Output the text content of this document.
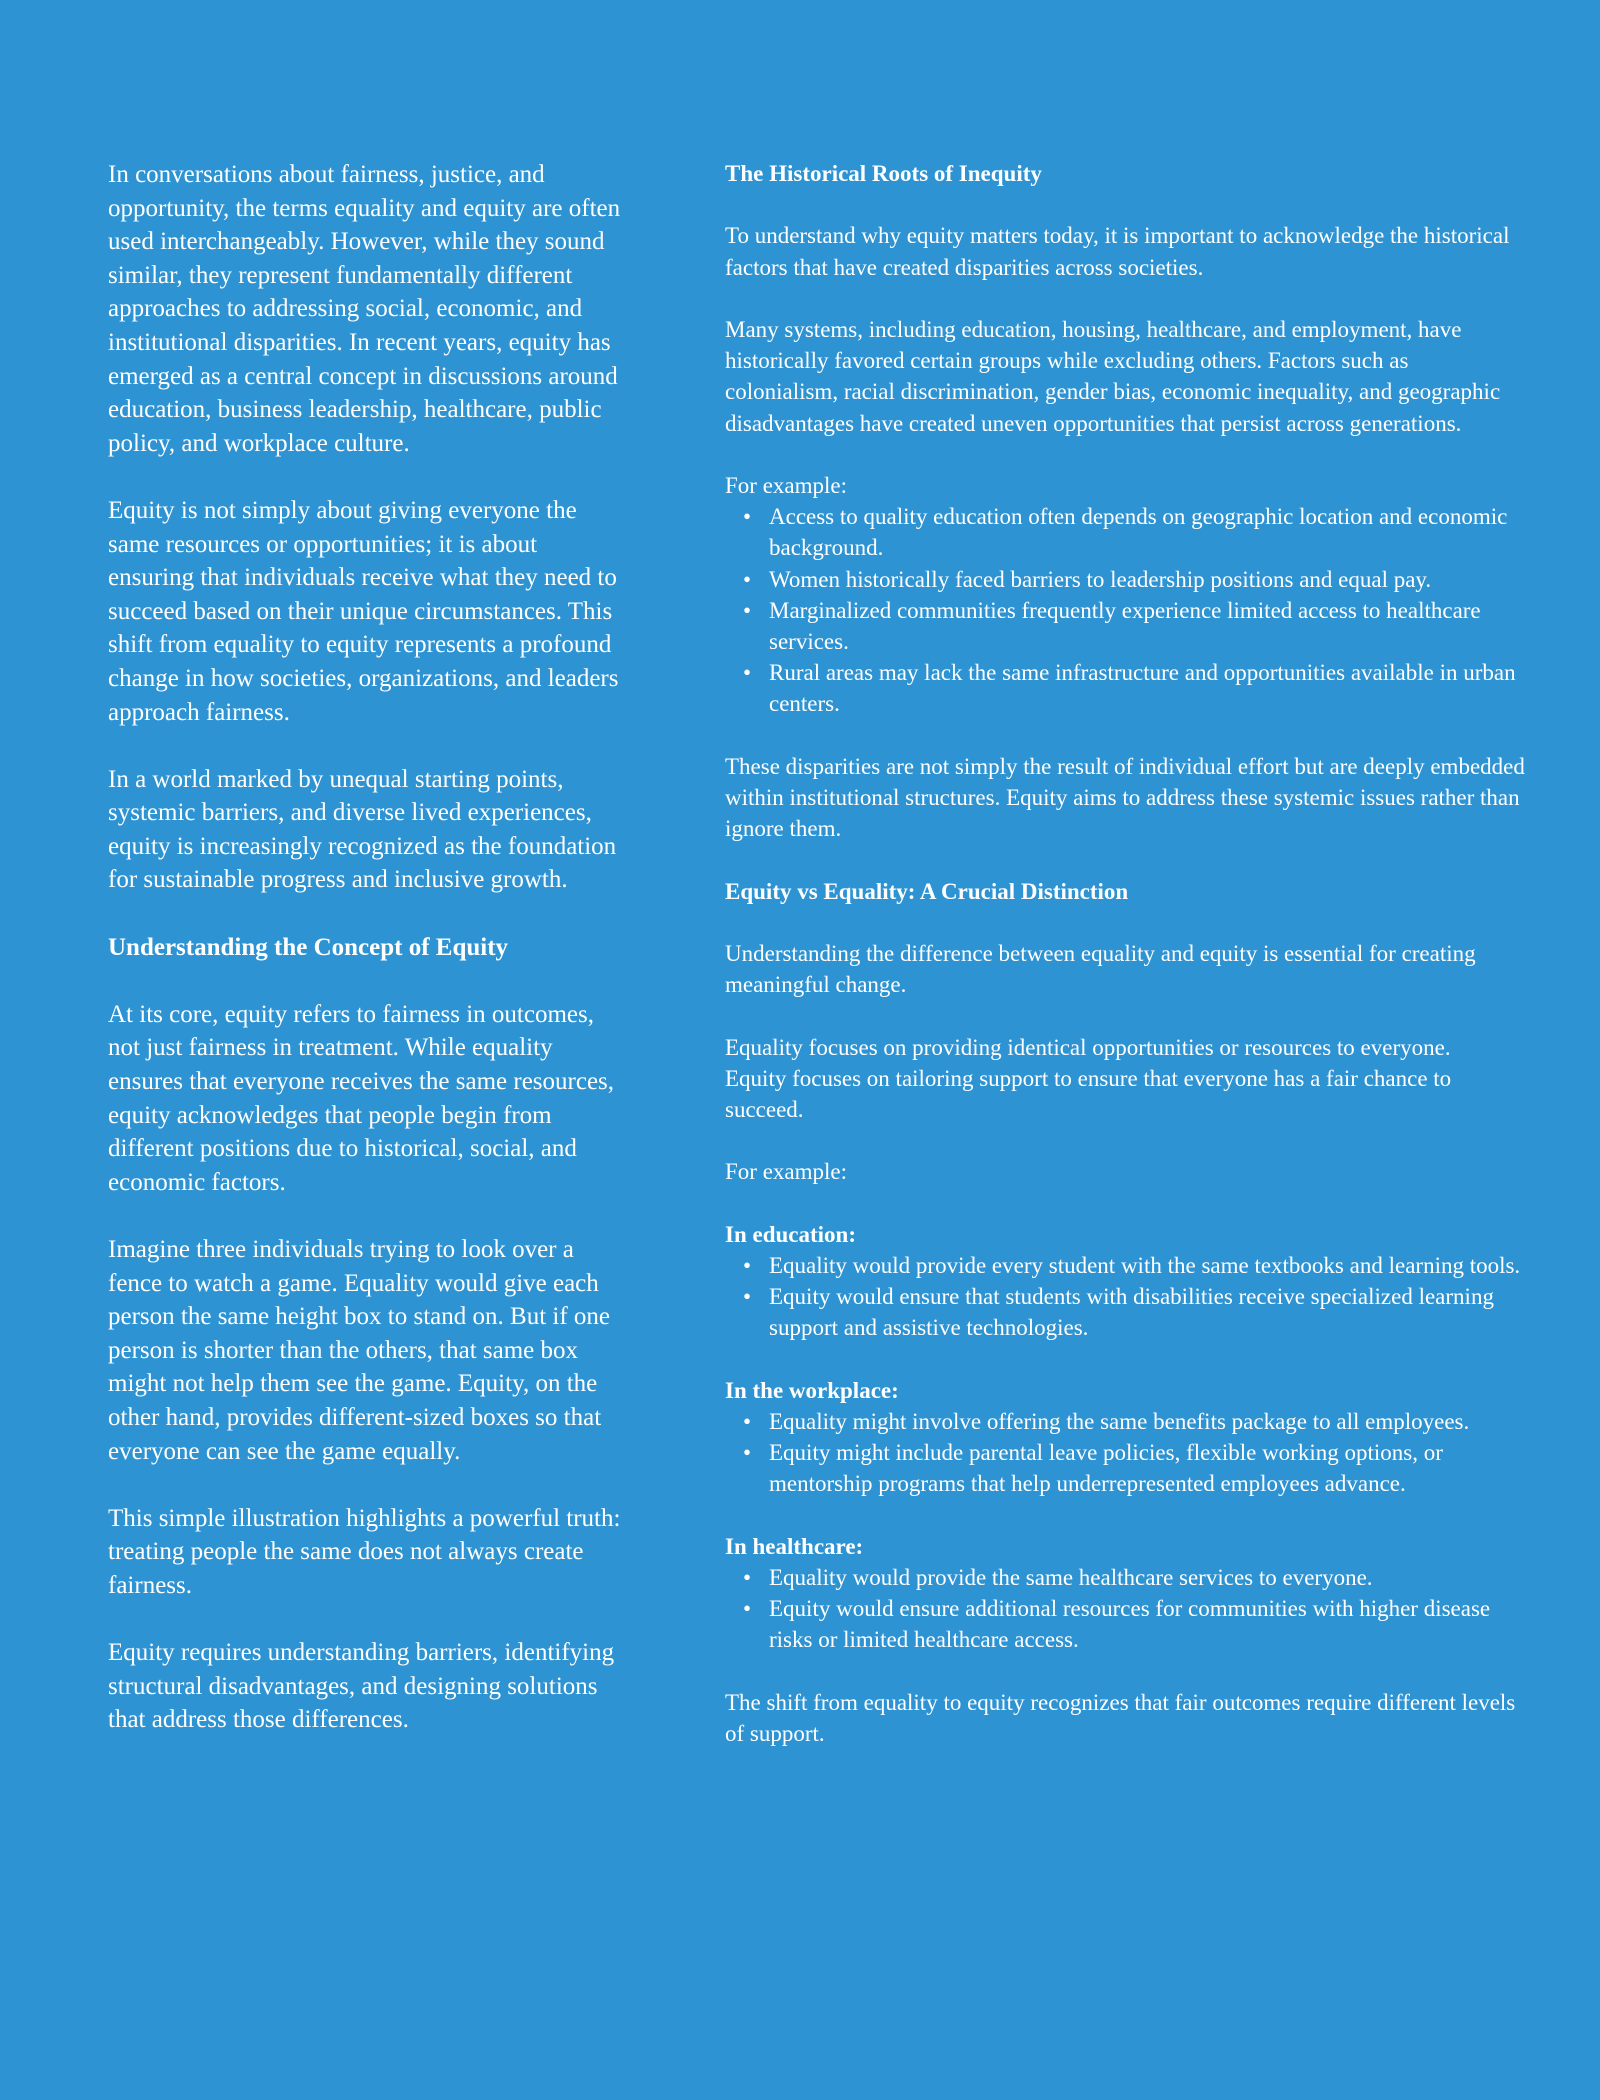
In conversations about fairness, justice, and opportunity, the terms equality and equity are often used interchangeably. However, while they sound similar, they represent fundamentally different approaches to addressing social, economic, and institutional disparities. In recent years, equity has emerged as a central concept in discussions around education, business leadership, healthcare, public policy, and workplace culture.

Equity is not simply about giving everyone the same resources or opportunities; it is about ensuring that individuals receive what they need to succeed based on their unique circumstances. This shift from equality to equity represents a profound change in how societies, organizations, and leaders approach fairness.

In a world marked by unequal starting points, systemic barriers, and diverse lived experiences, equity is increasingly recognized as the foundation for sustainable progress and inclusive growth.

Understanding the Concept of Equity

At its core, equity refers to fairness in outcomes, not just fairness in treatment. While equality ensures that everyone receives the same resources, equity acknowledges that people begin from different positions due to historical, social, and economic factors.

Imagine three individuals trying to look over a fence to watch a game. Equality would give each person the same height box to stand on. But if one person is shorter than the others, that same box might not help them see the game. Equity, on the other hand, provides different-sized boxes so that everyone can see the game equally.

This simple illustration highlights a powerful truth: treating people the same does not always create fairness.

Equity requires understanding barriers, identifying structural disadvantages, and designing solutions that address those differences.

The Historical Roots of Inequity

To understand why equity matters today, it is important to acknowledge the historical factors that have created disparities across societies.

Many systems, including education, housing, healthcare, and employment, have historically favored certain groups while excluding others. Factors such as colonialism, racial discrimination, gender bias, economic inequality, and geographic disadvantages have created uneven opportunities that persist across generations.

For example:

• Access to quality education often depends on geographic location and economic background.
• Women historically faced barriers to leadership positions and equal pay.
• Marginalized communities frequently experience limited access to healthcare services.
• Rural areas may lack the same infrastructure and opportunities available in urban centers.

These disparities are not simply the result of individual effort but are deeply embedded within institutional structures. Equity aims to address these systemic issues rather than ignore them.

Equity vs Equality: A Crucial Distinction

Understanding the difference between equality and equity is essential for creating meaningful change.

Equality focuses on providing identical opportunities or resources to everyone.

Equity focuses on tailoring support to ensure that everyone has a fair chance to succeed.

For example:

In education:

• Equality would provide every student with the same textbooks and learning tools.
• Equity would ensure that students with disabilities receive specialized learning support and assistive technologies.

In the workplace:

• Equality might involve offering the same benefits package to all employees.
• Equity might include parental leave policies, flexible working options, or mentorship programs that help underrepresented employees advance.

In healthcare:

• Equality would provide the same healthcare services to everyone.
• Equity would ensure additional resources for communities with higher disease risks or limited healthcare access.

The shift from equality to equity recognizes that fair outcomes require different levels of support.
